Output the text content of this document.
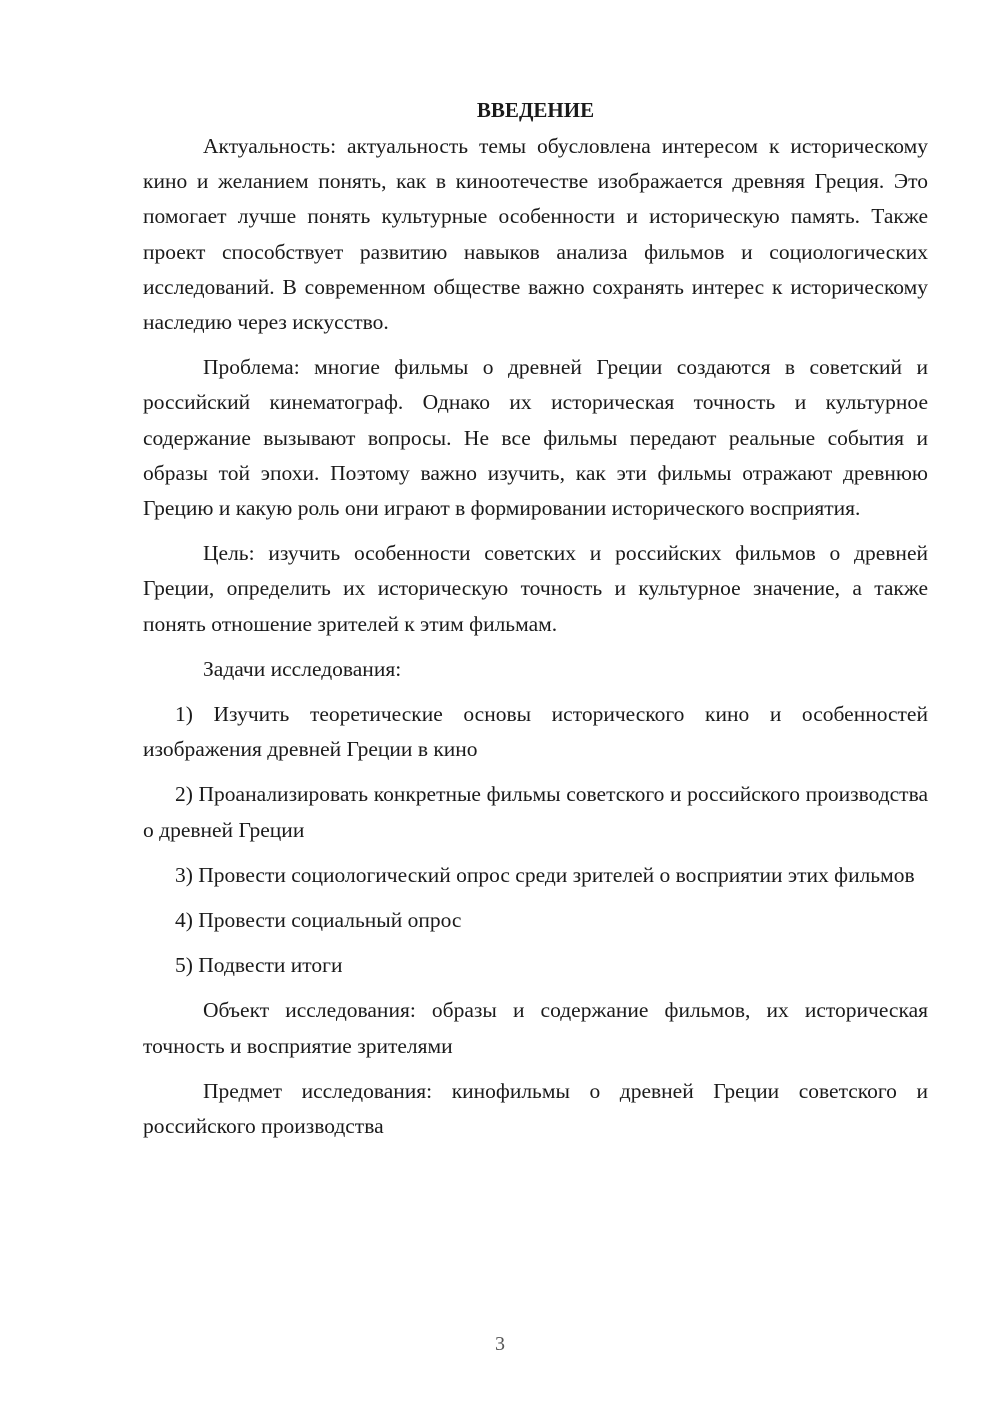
ВВЕДЕНИЕ

Актуальность: актуальность темы обусловлена интересом к историческому кино и желанием понять, как в киноотечестве изображается древняя Греция. Это помогает лучше понять культурные особенности и историческую память. Также проект способствует развитию навыков анализа фильмов и социологических исследований. В современном обществе важно сохранять интерес к историческому наследию через искусство.

Проблема: многие фильмы о древней Греции создаются в советский и российский кинематограф. Однако их историческая точность и культурное содержание вызывают вопросы. Не все фильмы передают реальные события и образы той эпохи. Поэтому важно изучить, как эти фильмы отражают древнюю Грецию и какую роль они играют в формировании исторического восприятия.

Цель: изучить особенности советских и российских фильмов о древней Греции, определить их историческую точность и культурное значение, а также понять отношение зрителей к этим фильмам.

Задачи исследования:

1) Изучить теоретические основы исторического кино и особенностей изображения древней Греции в кино

2) Проанализировать конкретные фильмы советского и российского производства о древней Греции

3) Провести социологический опрос среди зрителей о восприятии этих фильмов

4) Провести социальный опрос

5) Подвести итоги

Объект исследования: образы и содержание фильмов, их историческая точность и восприятие зрителями

Предмет исследования: кинофильмы о древней Греции советского и российского производства

3
